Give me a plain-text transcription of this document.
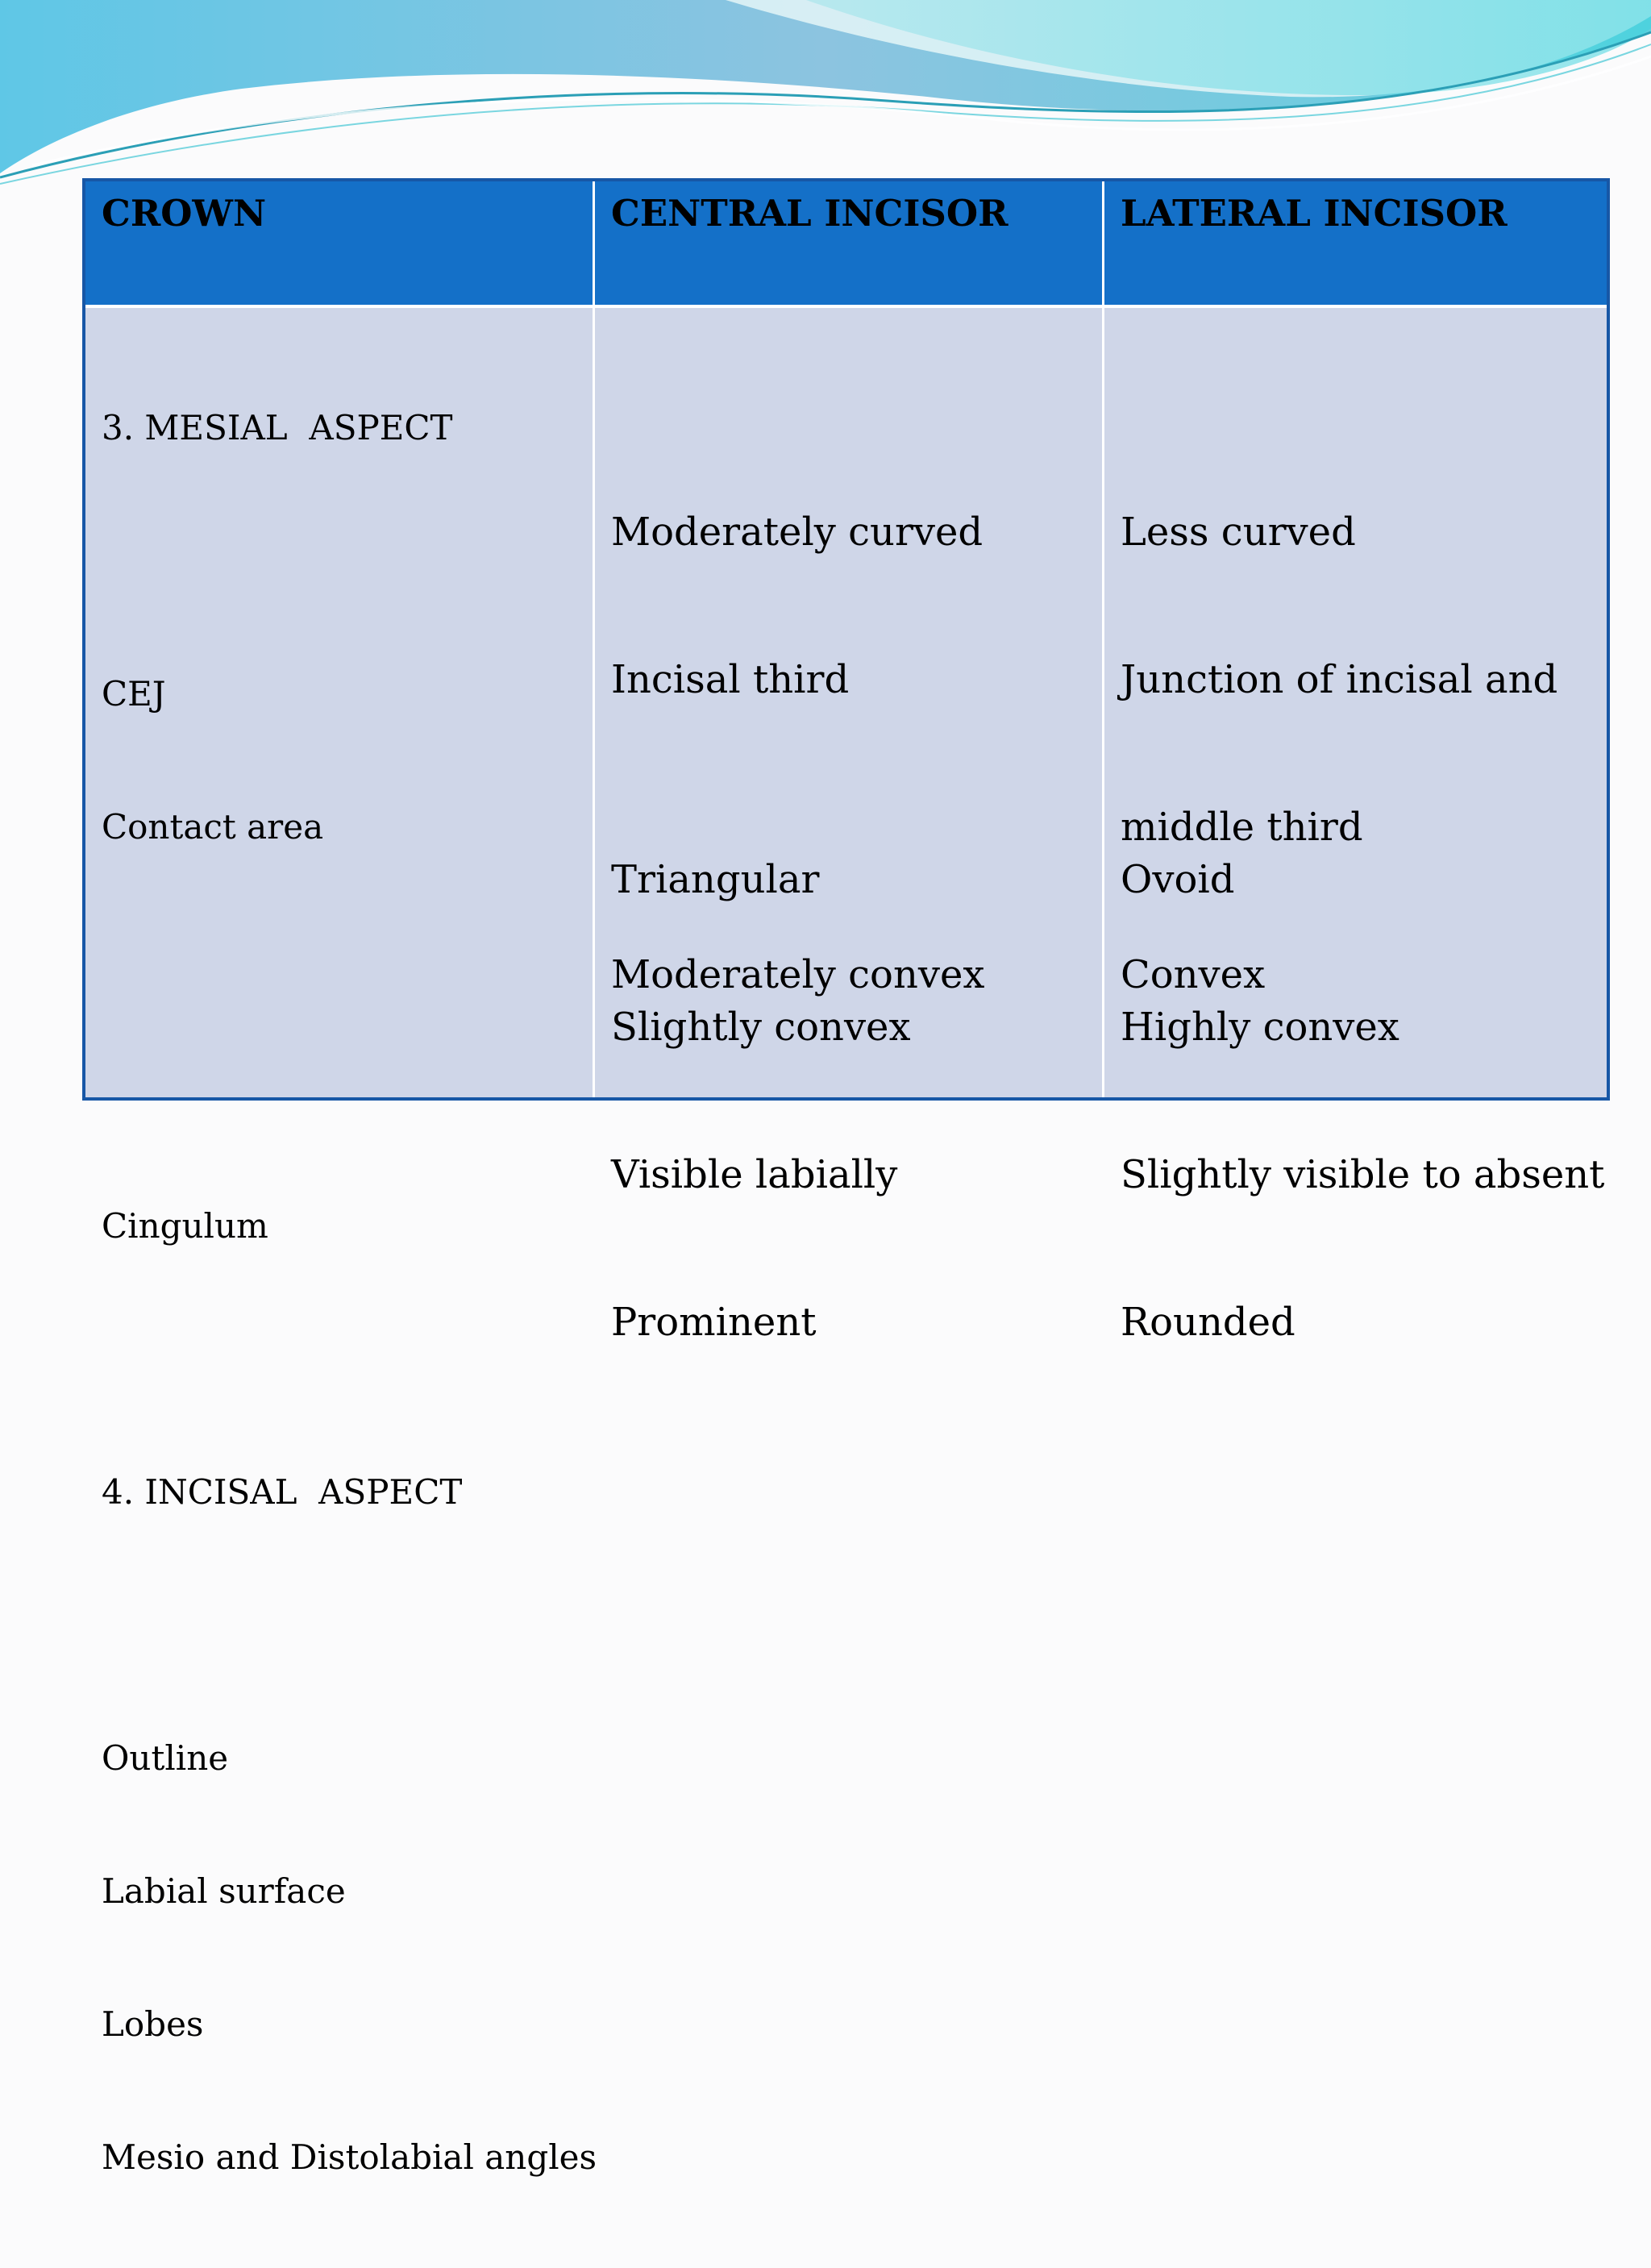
CROWN	CENTRAL INCISOR	LATERAL INCISOR

3. MESIAL  ASPECT

CEJ

Contact area

Cingulum

4. INCISAL  ASPECT

Outline

Labial surface

Lobes

Mesio and Distolabial angles

Moderately curved

Incisal third

Moderately convex

Triangular

Slightly convex

Visible labially

Prominent

Less curved

Junction of incisal and

middle third

Convex

Ovoid

Highly convex

Slightly visible to absent

Rounded
